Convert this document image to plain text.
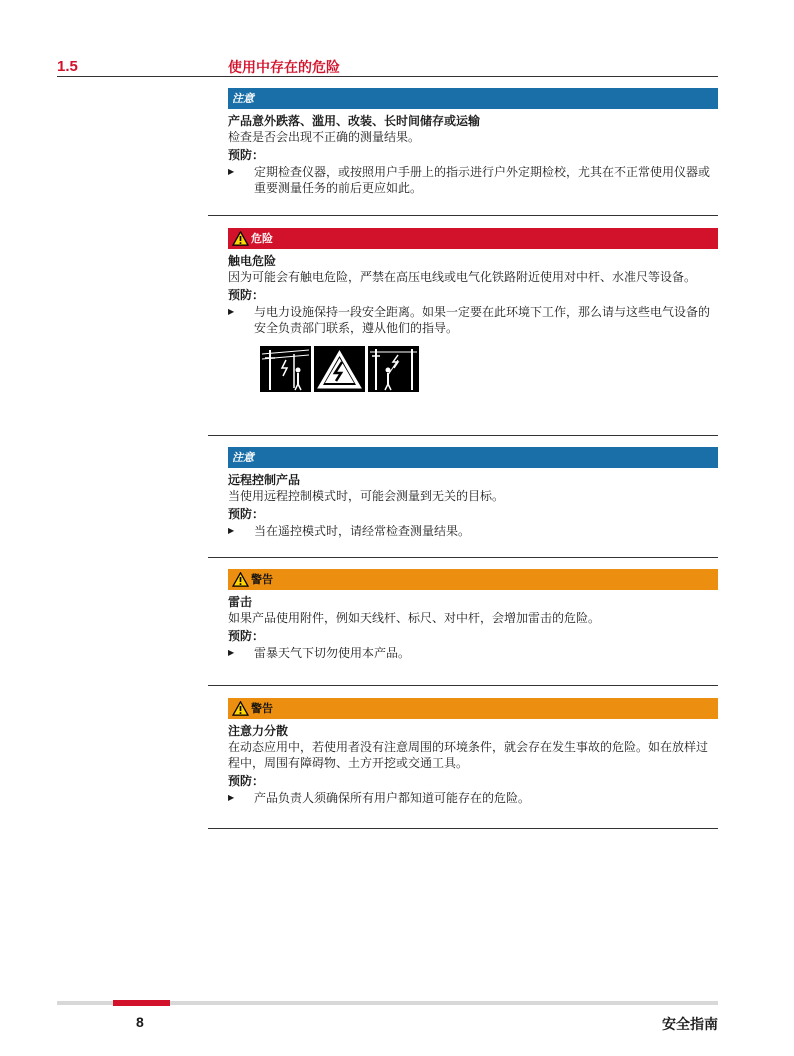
1.5	使用中存在的危险
注意
产品意外跌落、滥用、改装、长时间储存或运输
检查是否会出现不正确的测量结果。
预防：
▶ 定期检查仪器，或按照用户手册上的指示进行户外定期检校，尤其在不正常使用仪器或重要测量任务的前后更应如此。
危险
触电危险
因为可能会有触电危险，严禁在高压电线或电气化铁路附近使用对中杆、水准尺等设备。
预防：
▶ 与电力设施保持一段安全距离。如果一定要在此环境下工作，那么请与这些电气设备的安全负责部门联系，遵从他们的指导。
注意
远程控制产品
当使用远程控制模式时，可能会测量到无关的目标。
预防：
▶ 当在遥控模式时，请经常检查测量结果。
警告
雷击
如果产品使用附件，例如天线杆、标尺、对中杆，会增加雷击的危险。
预防：
▶ 雷暴天气下切勿使用本产品。
警告
注意力分散
在动态应用中，若使用者没有注意周围的环境条件，就会存在发生事故的危险。如在放样过程中，周围有障碍物、土方开挖或交通工具。
预防：
▶ 产品负责人须确保所有用户都知道可能存在的危险。
8	安全指南
